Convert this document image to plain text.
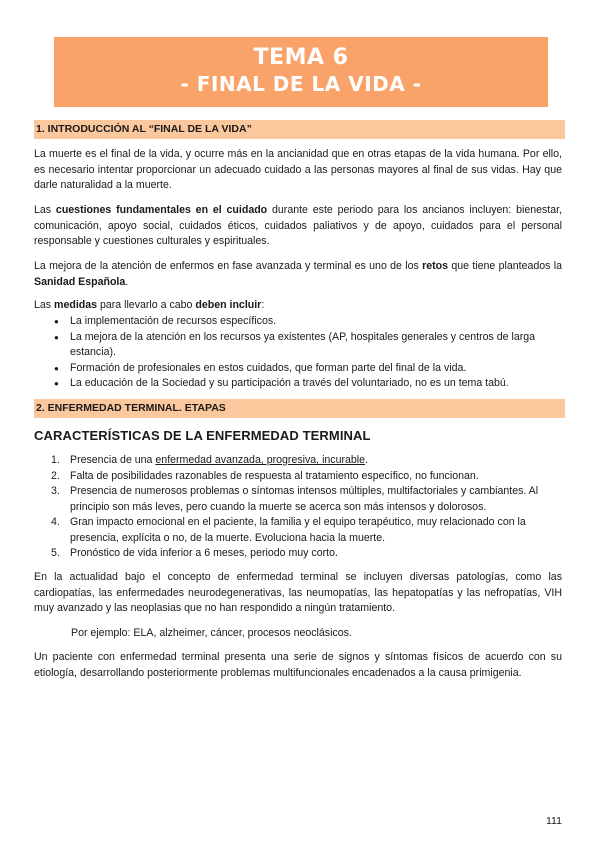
TEMA 6
- FINAL DE LA VIDA -
1. INTRODUCCIÓN AL “FINAL DE LA VIDA”

La muerte es el final de la vida, y ocurre más en la ancianidad que en otras etapas de la vida humana. Por ello, es necesario intentar proporcionar un adecuado cuidado a las personas mayores al final de sus vidas. Hay que darle naturalidad a la muerte.

Las cuestiones fundamentales en el cuidado durante este periodo para los ancianos incluyen: bienestar, comunicación, apoyo social, cuidados éticos, cuidados paliativos y de apoyo, cuidados para el personal responsable y cuestiones culturales y espirituales.

La mejora de la atención de enfermos en fase avanzada y terminal es uno de los retos que tiene planteados la Sanidad Española.

Las medidas para llevarlo a cabo deben incluir:

● La implementación de recursos específicos.
● La mejora de la atención en los recursos ya existentes (AP, hospitales generales y centros de larga estancia).
● Formación de profesionales en estos cuidados, que forman parte del final de la vida.
● La educación de la Sociedad y su participación a través del voluntariado, no es un tema tabú.
2. ENFERMEDAD TERMINAL. ETAPAS
CARACTERÍSTICAS DE LA ENFERMEDAD TERMINAL
1. Presencia de una enfermedad avanzada, progresiva, incurable.
2. Falta de posibilidades razonables de respuesta al tratamiento específico, no funcionan.
3. Presencia de numerosos problemas o síntomas intensos múltiples, multifactoriales y cambiantes. Al principio son más leves, pero cuando la muerte se acerca son más intensos y dolorosos.
4. Gran impacto emocional en el paciente, la familia y el equipo terapéutico, muy relacionado con la presencia, explícita o no, de la muerte. Evoluciona hacia la muerte.
5. Pronóstico de vida inferior a 6 meses, periodo muy corto.

En la actualidad bajo el concepto de enfermedad terminal se incluyen diversas patologías, como las cardiopatías, las enfermedades neurodegenerativas, las neumopatías, las hepatopatías y las nefropatías, VIH muy avanzado y las neoplasias que no han respondido a ningún tratamiento.

Por ejemplo: ELA, alzheimer, cáncer, procesos neoclásicos.

Un paciente con enfermedad terminal presenta una serie de signos y síntomas físicos de acuerdo con su etiología, desarrollando posteriormente problemas multifuncionales encadenados a la causa primigenia.

111
